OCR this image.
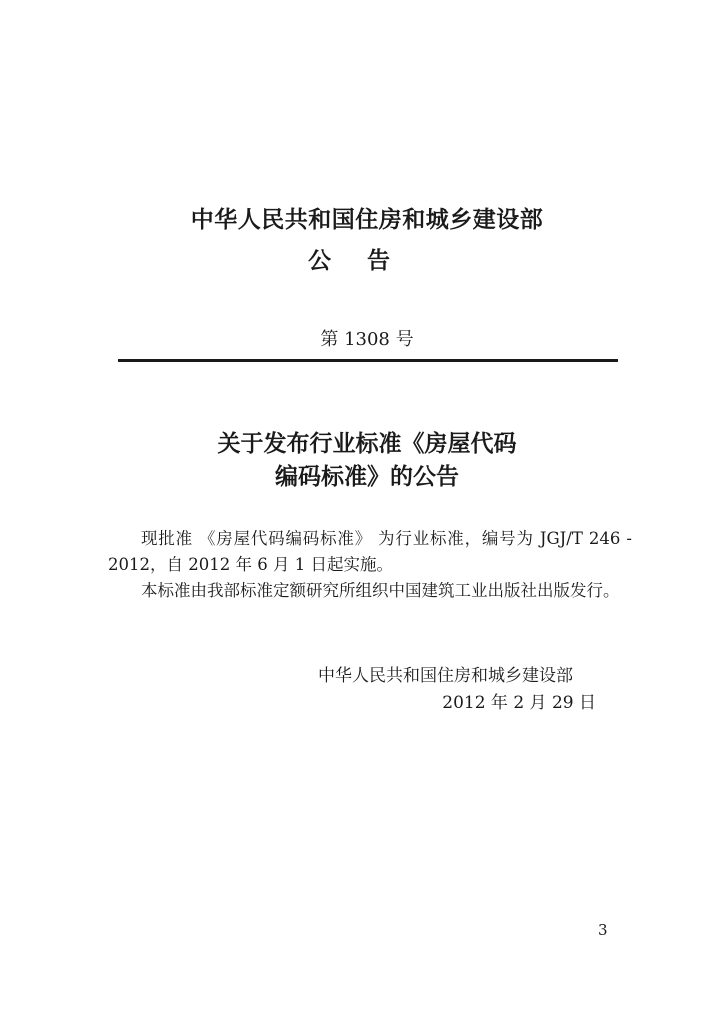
中华人民共和国住房和城乡建设部
公告
第 1308 号
关于发布行业标准《房屋代码
编码标准》的公告

现批准 《房屋代码编码标准》 为行业标准，编号为 JGJ/T 246 - 2012，自 2012 年 6 月 1 日起实施。

本标准由我部标准定额研究所组织中国建筑工业出版社出版发行。

中华人民共和国住房和城乡建设部
2012 年 2 月 29 日
3
